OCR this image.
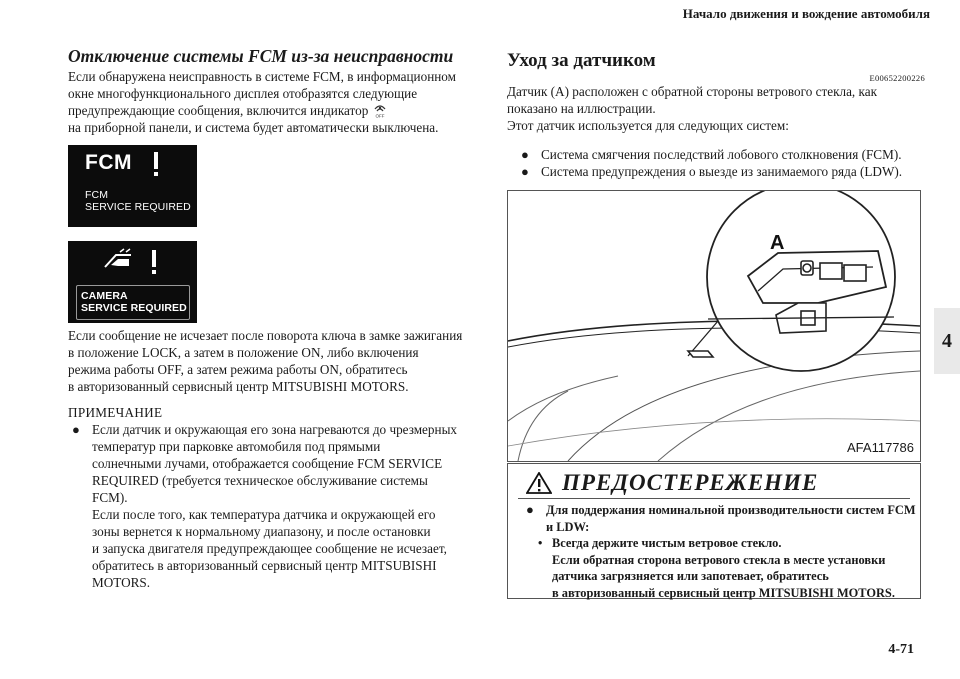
Начало движения и вождение автомобиля
4
4-71
Отключение системы FCM из-за неисправности

Если обнаружена неисправность в системе FCM, в информационном

окне многофункционального дисплея отобразятся следующие

предупреждающие сообщения, включится индикатор OFF

на приборной панели, и система будет автоматически выключена.

FCM
FCM
SERVICE REQUIRED
CAMERA
SERVICE REQUIRED

Если сообщение не исчезает после поворота ключа в замке зажигания

в положение LOCK, а затем в положение ON, либо включения

режима работы OFF, а затем режима работы ON, обратитесь

в авторизованный сервисный центр MITSUBISHI MOTORS.

ПРИМЕЧАНИЕ

● Если датчик и окружающая его зона нагреваются до чрезмерных
температур при парковке автомобиля под прямыми
солнечными лучами, отображается сообщение FCM SERVICE
REQUIRED (требуется техническое обслуживание системы
FCM).
Если после того, как температура датчика и окружающей его
зоны вернется к нормальному диапазону, и после остановки
и запуска двигателя предупреждающее сообщение не исчезает,
обратитесь в авторизованный сервисный центр MITSUBISHI
MOTORS.
Уход за датчиком
E00652200226

Датчик (A) расположен с обратной стороны ветрового стекла, как

показано на иллюстрации.

Этот датчик используется для следующих систем:

● Система смягчения последствий лобового столкновения (FCM).
● Система предупреждения о выезде из занимаемого ряда (LDW).
A
AFA117786
ПРЕДОСТЕРЕЖЕНИЕ
● Для поддержания номинальной производительности систем FCM
и LDW:
• Всегда держите чистым ветровое стекло.
Если обратная сторона ветрового стекла в месте установки
датчика загрязняется или запотевает, обратитесь
в авторизованный сервисный центр MITSUBISHI MOTORS.
